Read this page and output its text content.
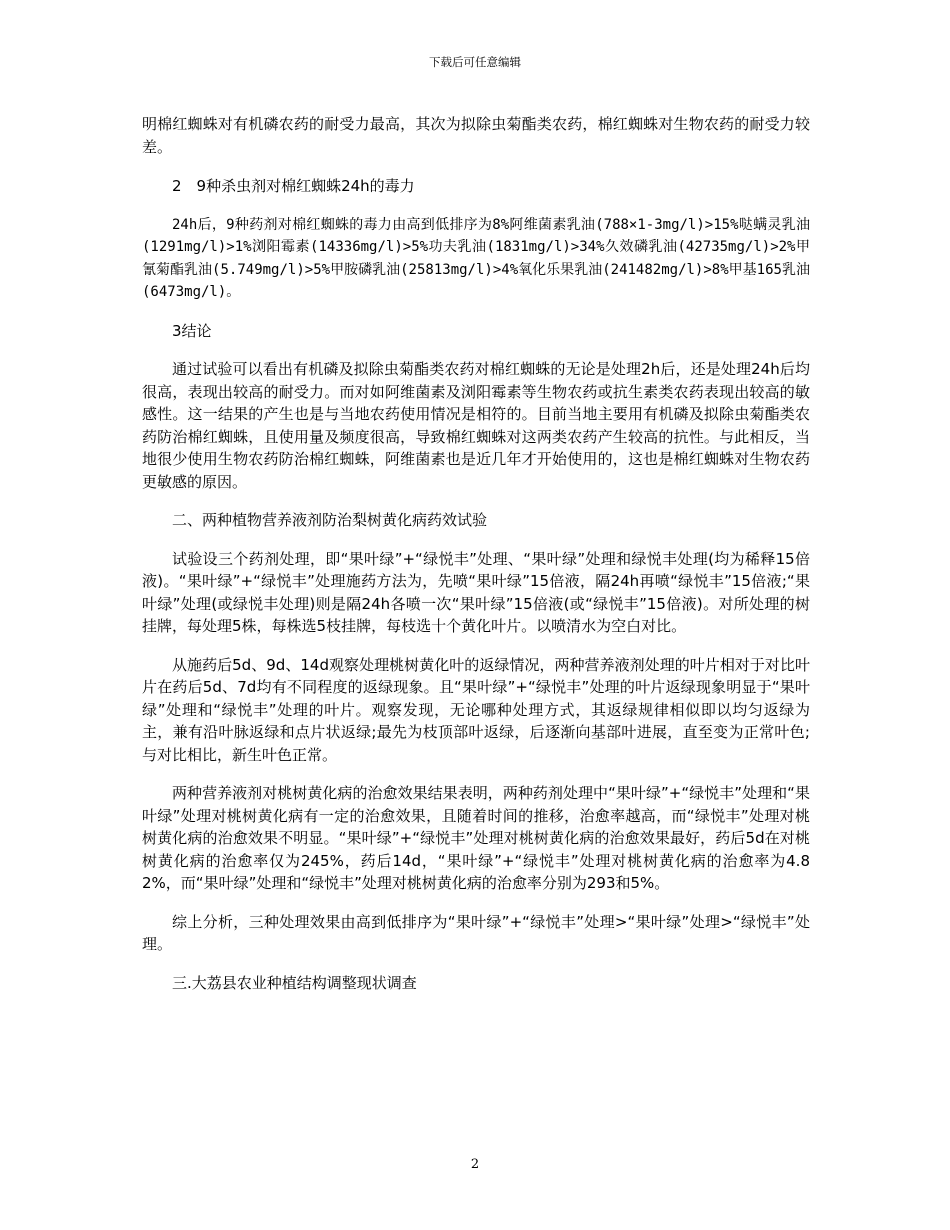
下载后可任意编辑

明棉红蜘蛛对有机磷农药的耐受力最高，其次为拟除虫菊酯类农药，棉红蜘蛛对生物农药的耐受力较差。

2　9种杀虫剂对棉红蜘蛛24h的毒力

24h后，9种药剂对棉红蜘蛛的毒力由高到低排序为8%阿维菌素乳油(788×1-3mg/l)>15%哒螨灵乳油(1291mg/l)>1%浏阳霉素(14336mg/l)>5%功夫乳油(1831mg/l)>34%久效磷乳油(42735mg/l)>2%甲氰菊酯乳油(5.749mg/l)>5%甲胺磷乳油(25813mg/l)>4%氧化乐果乳油(241482mg/l)>8%甲基165乳油(6473mg/l)。

3结论

通过试验可以看出有机磷及拟除虫菊酯类农药对棉红蜘蛛的无论是处理2h后，还是处理24h后均很高，表现出较高的耐受力。而对如阿维菌素及浏阳霉素等生物农药或抗生素类农药表现出较高的敏感性。这一结果的产生也是与当地农药使用情况是相符的。目前当地主要用有机磷及拟除虫菊酯类农药防治棉红蜘蛛，且使用量及频度很高，导致棉红蜘蛛对这两类农药产生较高的抗性。与此相反，当地很少使用生物农药防治棉红蜘蛛，阿维菌素也是近几年才开始使用的，这也是棉红蜘蛛对生物农药更敏感的原因。

二、两种植物营养液剂防治梨树黄化病药效试验

试验设三个药剂处理，即“果叶绿”+“绿悦丰”处理、“果叶绿”处理和绿悦丰处理(均为稀释15倍液)。“果叶绿”+“绿悦丰”处理施药方法为，先喷“果叶绿”15倍液，隔24h再喷“绿悦丰”15倍液;“果叶绿”处理(或绿悦丰处理)则是隔24h各喷一次“果叶绿”15倍液(或“绿悦丰”15倍液)。对所处理的树挂牌，每处理5株，每株选5枝挂牌，每枝选十个黄化叶片。以喷清水为空白对比。

从施药后5d、9d、14d观察处理桃树黄化叶的返绿情况，两种营养液剂处理的叶片相对于对比叶片在药后5d、7d均有不同程度的返绿现象。且“果叶绿”+“绿悦丰”处理的叶片返绿现象明显于“果叶绿”处理和“绿悦丰”处理的叶片。观察发现，无论哪种处理方式，其返绿规律相似即以均匀返绿为主，兼有沿叶脉返绿和点片状返绿;最先为枝顶部叶返绿，后逐渐向基部叶进展，直至变为正常叶色;与对比相比，新生叶色正常。

两种营养液剂对桃树黄化病的治愈效果结果表明，两种药剂处理中“果叶绿”+“绿悦丰”处理和“果叶绿”处理对桃树黄化病有一定的治愈效果，且随着时间的推移，治愈率越高，而“绿悦丰”处理对桃树黄化病的治愈效果不明显。“果叶绿”+“绿悦丰”处理对桃树黄化病的治愈效果最好，药后5d在对桃树黄化病的治愈率仅为245%，药后14d，“果叶绿”+“绿悦丰”处理对桃树黄化病的治愈率为4.82%，而“果叶绿”处理和“绿悦丰”处理对桃树黄化病的治愈率分别为293和5%。

综上分析，三种处理效果由高到低排序为“果叶绿”+“绿悦丰”处理>“果叶绿”处理>“绿悦丰”处理。

三.大荔县农业种植结构调整现状调查

2
